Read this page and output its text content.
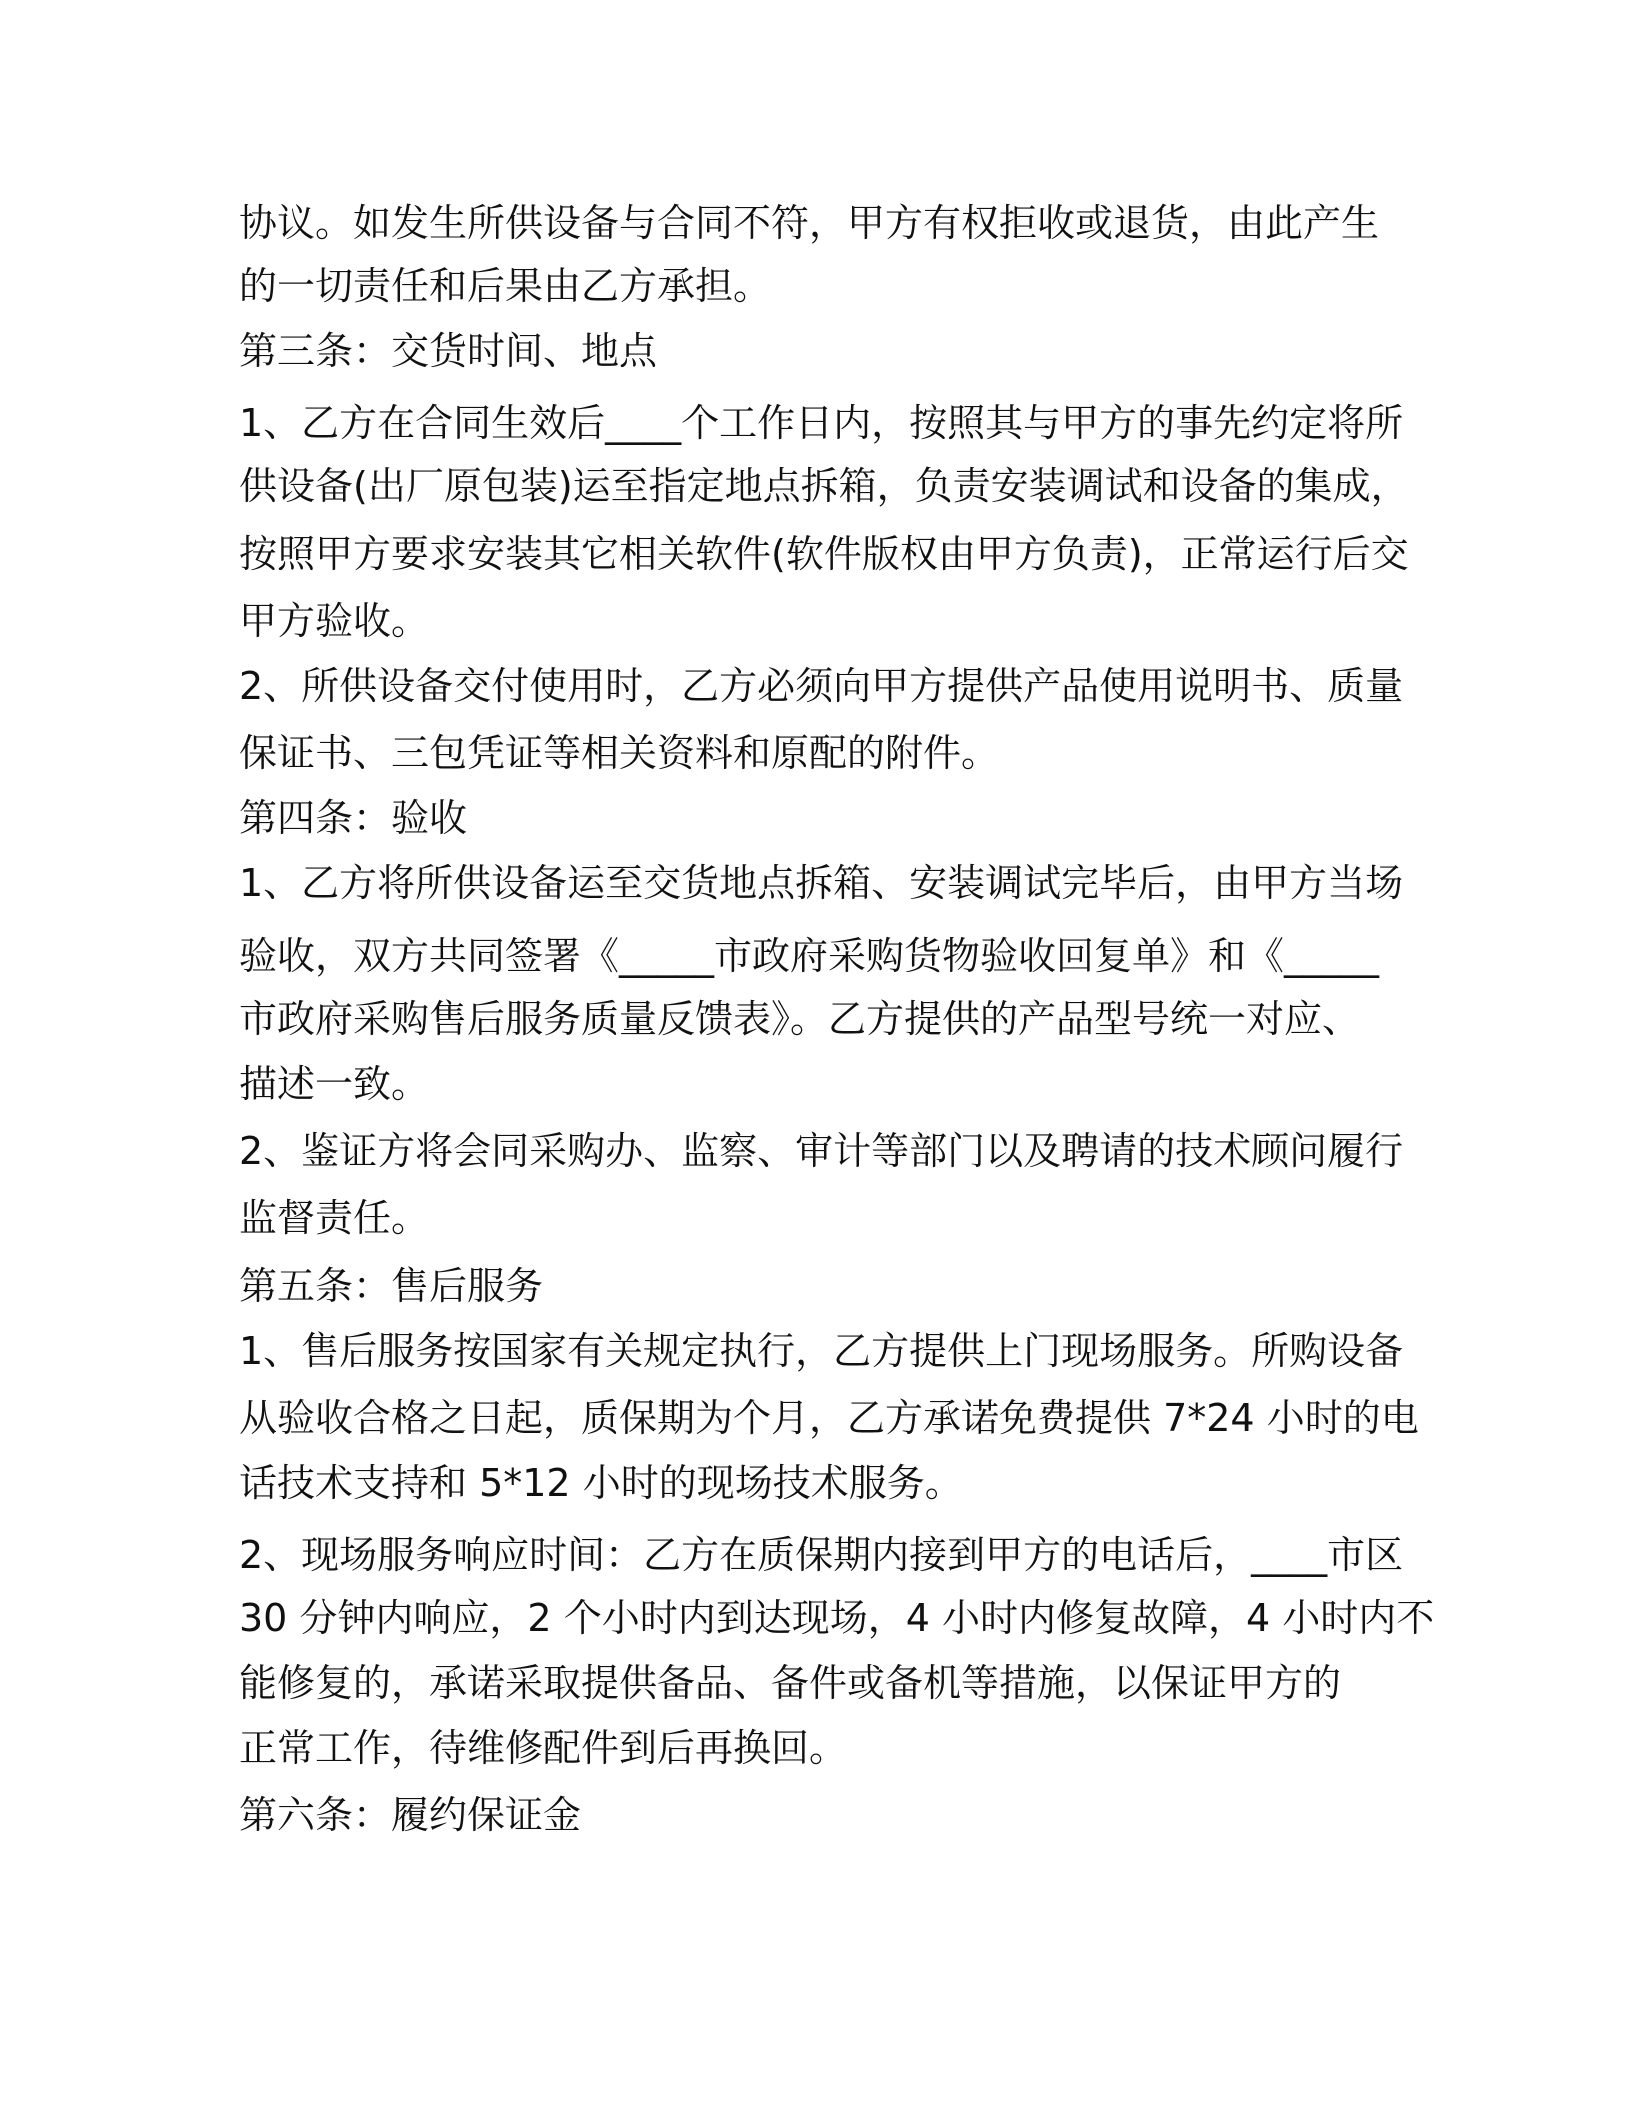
协议。如发生所供设备与合同不符，甲方有权拒收或退货，由此产生

的一切责任和后果由乙方承担。

第三条：交货时间、地点

1、乙方在合同生效后____个工作日内，按照其与甲方的事先约定将所

供设备(出厂原包装)运至指定地点拆箱，负责安装调试和设备的集成，

按照甲方要求安装其它相关软件(软件版权由甲方负责)，正常运行后交

甲方验收。

2、所供设备交付使用时，乙方必须向甲方提供产品使用说明书、质量

保证书、三包凭证等相关资料和原配的附件。

第四条：验收

1、乙方将所供设备运至交货地点拆箱、安装调试完毕后，由甲方当场

验收，双方共同签署《_____市政府采购货物验收回复单》和《_____

市政府采购售后服务质量反馈表》。乙方提供的产品型号统一对应、

描述一致。

2、鉴证方将会同采购办、监察、审计等部门以及聘请的技术顾问履行

监督责任。

第五条：售后服务

1、售后服务按国家有关规定执行，乙方提供上门现场服务。所购设备

从验收合格之日起，质保期为个月，乙方承诺免费提供 7*24 小时的电

话技术支持和 5*12 小时的现场技术服务。

2、现场服务响应时间：乙方在质保期内接到甲方的电话后，____市区

30 分钟内响应，2 个小时内到达现场，4 小时内修复故障，4 小时内不

能修复的，承诺采取提供备品、备件或备机等措施，以保证甲方的

正常工作，待维修配件到后再换回。

第六条：履约保证金
